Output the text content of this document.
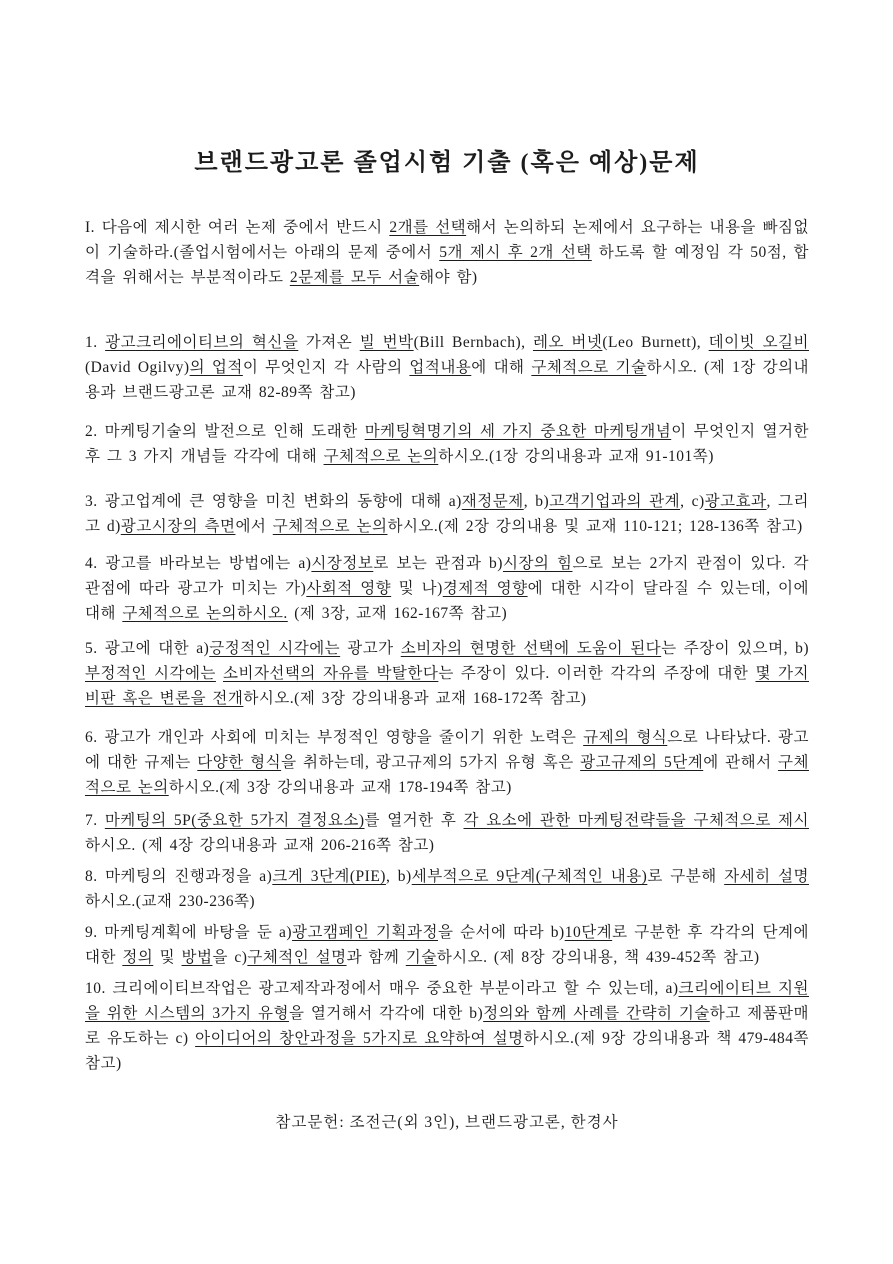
브랜드광고론 졸업시험 기출 (혹은 예상)문제

I. 다음에 제시한 여러 논제 중에서 반드시 2개를 선택해서 논의하되 논제에서 요구하는 내용을 빠짐없이 기술하라.(졸업시험에서는 아래의 문제 중에서 5개 제시 후 2개 선택 하도록 할 예정임 각 50점, 합격을 위해서는 부분적이라도 2문제를 모두 서술해야 함)

1. 광고크리에이티브의 혁신을 가져온 빌 번박(Bill Bernbach), 레오 버넷(Leo Burnett), 데이빗 오길비(David Ogilvy)의 업적이 무엇인지 각 사람의 업적내용에 대해 구체적으로 기술하시오. (제 1장 강의내용과 브랜드광고론 교재 82-89쪽 참고)

2. 마케팅기술의 발전으로 인해 도래한 마케팅혁명기의 세 가지 중요한 마케팅개념이 무엇인지 열거한 후 그 3 가지 개념들 각각에 대해 구체적으로 논의하시오.(1장 강의내용과 교재 91-101쪽)

3. 광고업계에 큰 영향을 미친 변화의 동향에 대해 a)재정문제, b)고객기업과의 관계, c)광고효과, 그리고 d)광고시장의 측면에서 구체적으로 논의하시오.(제 2장 강의내용 및 교재 110-121; 128-136쪽 참고)

4. 광고를 바라보는 방법에는 a)시장정보로 보는 관점과 b)시장의 힘으로 보는 2가지 관점이 있다. 각 관점에 따라 광고가 미치는 가)사회적 영향 및 나)경제적 영향에 대한 시각이 달라질 수 있는데, 이에 대해 구체적으로 논의하시오. (제 3장, 교재 162-167쪽 참고)

5. 광고에 대한 a)긍정적인 시각에는 광고가 소비자의 현명한 선택에 도움이 된다는 주장이 있으며, b)부정적인 시각에는 소비자선택의 자유를 박탈한다는 주장이 있다. 이러한 각각의 주장에 대한 몇 가지 비판 혹은 변론을 전개하시오.(제 3장 강의내용과 교재 168-172쪽 참고)

6. 광고가 개인과 사회에 미치는 부정적인 영향을 줄이기 위한 노력은 규제의 형식으로 나타났다. 광고에 대한 규제는 다양한 형식을 취하는데, 광고규제의 5가지 유형 혹은 광고규제의 5단계에 관해서 구체적으로 논의하시오.(제 3장 강의내용과 교재 178-194쪽 참고)

7. 마케팅의 5P(중요한 5가지 결정요소)를 열거한 후 각 요소에 관한 마케팅전략들을 구체적으로 제시하시오. (제 4장 강의내용과 교재 206-216쪽 참고)

8. 마케팅의 진행과정을 a)크게 3단계(PIE), b)세부적으로 9단계(구체적인 내용)로 구분해 자세히 설명하시오.(교재 230-236쪽)

9. 마케팅계획에 바탕을 둔 a)광고캠페인 기획과정을 순서에 따라 b)10단계로 구분한 후 각각의 단계에 대한 정의 및 방법을 c)구체적인 설명과 함께 기술하시오. (제 8장 강의내용, 책 439-452쪽 참고)

10. 크리에이티브작업은 광고제작과정에서 매우 중요한 부분이라고 할 수 있는데, a)크리에이티브 지원을 위한 시스템의 3가지 유형을 열거해서 각각에 대한 b)정의와 함께 사례를 간략히 기술하고 제품판매로 유도하는 c) 아이디어의 창안과정을 5가지로 요약하여 설명하시오.(제 9장 강의내용과 책 479-484쪽 참고)

참고문헌: 조전근(외 3인), 브랜드광고론, 한경사
